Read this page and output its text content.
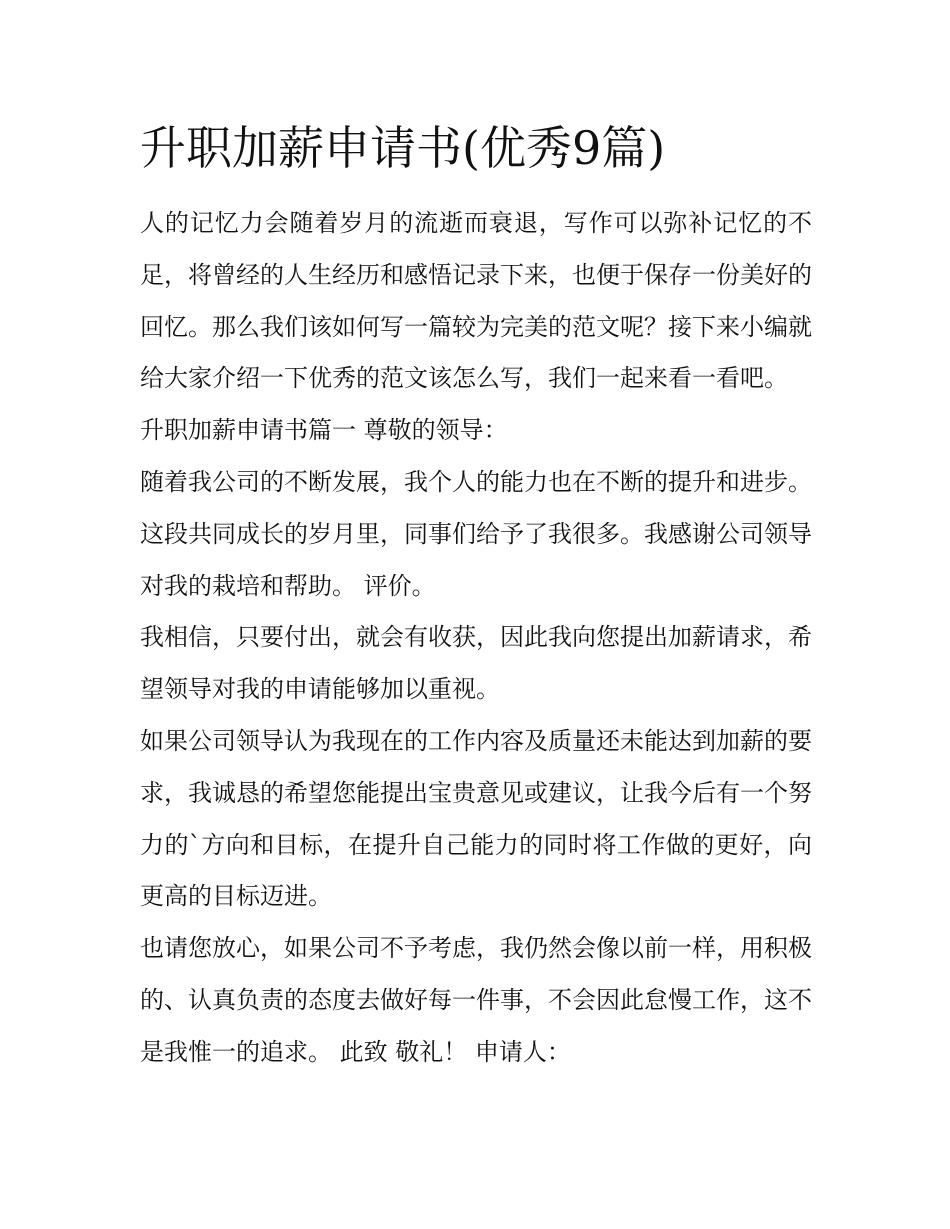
升职加薪申请书(优秀9篇)

人的记忆力会随着岁月的流逝而衰退，写作可以弥补记忆的不足，将曾经的人生经历和感悟记录下来，也便于保存一份美好的回忆。那么我们该如何写一篇较为完美的范文呢？接下来小编就给大家介绍一下优秀的范文该怎么写，我们一起来看一看吧。

升职加薪申请书篇一 尊敬的领导：

随着我公司的不断发展，我个人的能力也在不断的提升和进步。这段共同成长的岁月里，同事们给予了我很多。我感谢公司领导对我的栽培和帮助。 评价。

我相信，只要付出，就会有收获，因此我向您提出加薪请求，希望领导对我的申请能够加以重视。

如果公司领导认为我现在的工作内容及质量还未能达到加薪的要求，我诚恳的希望您能提出宝贵意见或建议，让我今后有一个努力的`方向和目标，在提升自己能力的同时将工作做的更好，向更高的目标迈进。

也请您放心，如果公司不予考虑，我仍然会像以前一样，用积极的、认真负责的态度去做好每一件事，不会因此怠慢工作，这不是我惟一的追求。 此致 敬礼！ 申请人：
